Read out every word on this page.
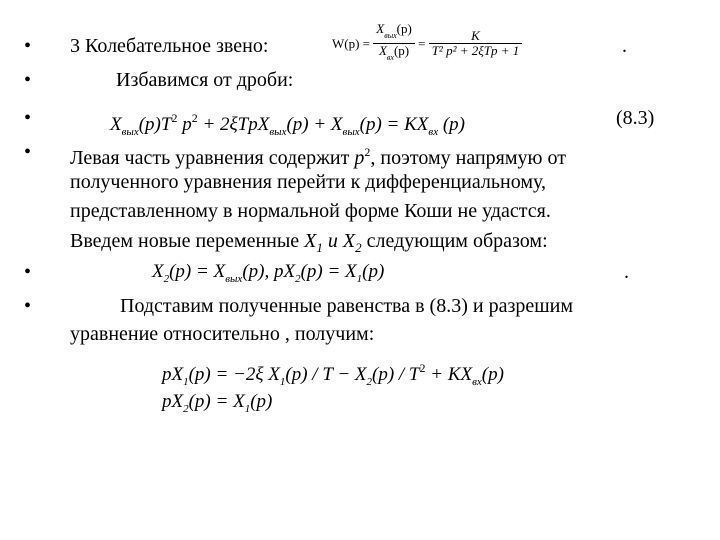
•
•
•
•
•
•
3 Колебательное звено:	$W(p) = \frac{X_{вых}(p)}{X_{вх}(p)} = \frac{K}{\text{T² p² + 2ξTp + 1}}$	.
Избавимся от дроби:
$X_{вых}(p)T^2$ $p^2 + 2\xi TpX_{вых}(p) + X_{вых}(p) = KX_{вх}$ (p)	(8.3)
Левая часть уравнения содержит $p^2$, поэтому напрямую от
полученного уравнения перейти к дифференциальному,
представленному в нормальной форме Коши не удастся.
Введем новые переменные $X_1$ и $X_2$ следующим образом:
$X_2(p) = X_{вых}(p)$, $pX_2(p) = X_1(p)$	.
Подставим полученные равенства в (8.3) и разрешим
уравнение относительно , получим:
$pX_1(p) = -2\xi$ $X_1(p) / T - X_2(p) / T^2 + KX_{вх}(p)$
$pX_2(p) = X_1(p)$
